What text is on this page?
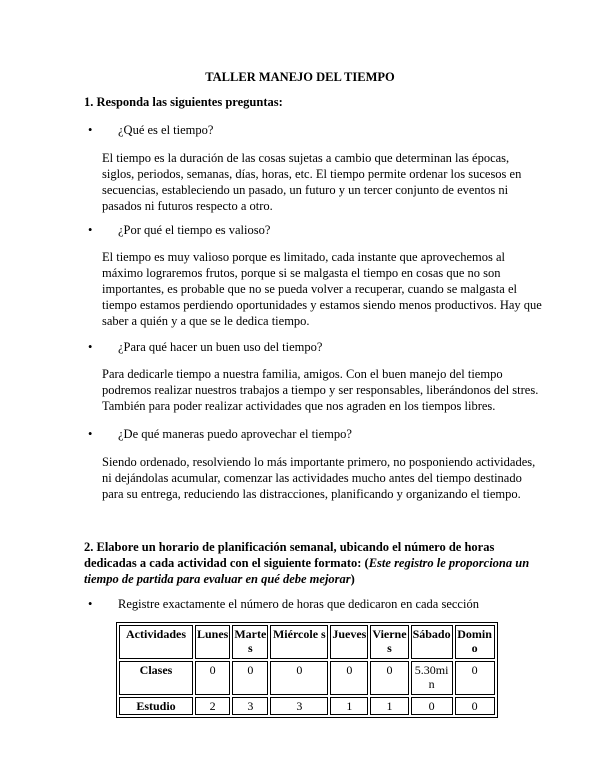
TALLER MANEJO DEL TIEMPO
1. Responda las siguientes preguntas:
• ¿Qué es el tiempo?
El tiempo es la duración de las cosas sujetas a cambio que determinan las épocas,
siglos, periodos, semanas, días, horas, etc. El tiempo permite ordenar los sucesos en
secuencias, estableciendo un pasado, un futuro y un tercer conjunto de eventos ni
pasados ni futuros respecto a otro.
• ¿Por qué el tiempo es valioso?
El tiempo es muy valioso porque es limitado, cada instante que aprovechemos al
máximo lograremos frutos, porque si se malgasta el tiempo en cosas que no son
importantes, es probable que no se pueda volver a recuperar, cuando se malgasta el
tiempo estamos perdiendo oportunidades y estamos siendo menos productivos. Hay que
saber a quién y a que se le dedica tiempo.
• ¿Para qué hacer un buen uso del tiempo?
Para dedicarle tiempo a nuestra familia, amigos. Con el buen manejo del tiempo
podremos realizar nuestros trabajos a tiempo y ser responsables, liberándonos del stres.
También para poder realizar actividades que nos agraden en los tiempos libres.
• ¿De qué maneras puedo aprovechar el tiempo?
Siendo ordenado, resolviendo lo más importante primero, no posponiendo actividades,
ni dejándolas acumular, comenzar las actividades mucho antes del tiempo destinado
para su entrega, reduciendo las distracciones, planificando y organizando el tiempo.
2. Elabore un horario de planificación semanal, ubicando el número de horas
dedicadas a cada actividad con el siguiente formato: (Este registro le proporciona un
tiempo de partida para evaluar en qué debe mejorar)
• Registre exactamente el número de horas que dedicaron en cada sección
Actividades	Lunes	Marte s	Miércole s	Jueves	Vierne s	Sábado	Domin o
Clases	0	0	0	0	0	5.30mi n	0
Estudio	2	3	3	1	1	0	0
